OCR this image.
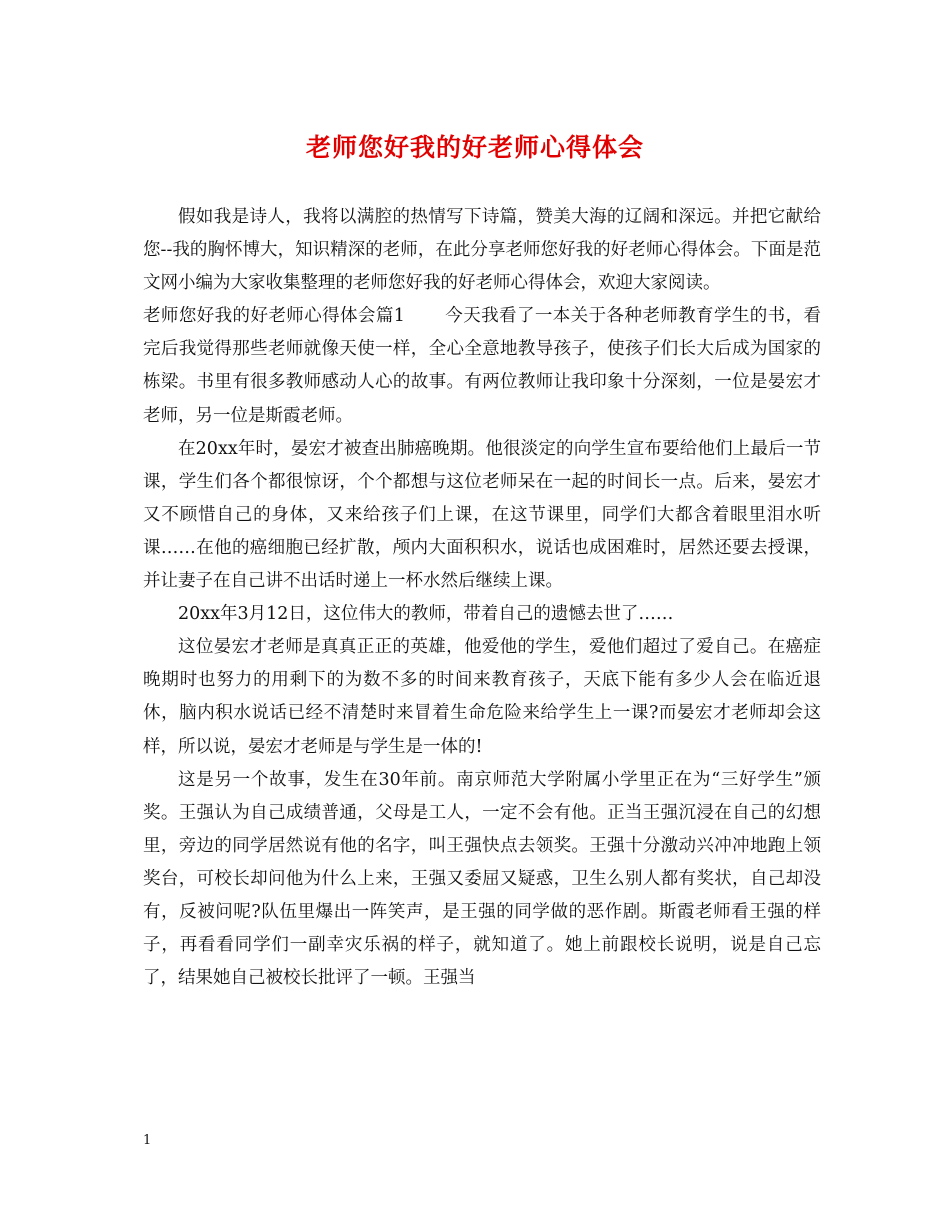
老师您好我的好老师心得体会

假如我是诗人，我将以满腔的热情写下诗篇，赞美大海的辽阔和深远。并把它献给您--我的胸怀博大，知识精深的老师，在此分享老师您好我的好老师心得体会。下面是范文网小编为大家收集整理的老师您好我的好老师心得体会，欢迎大家阅读。

老师您好我的好老师心得体会篇1 今天我看了一本关于各种老师教育学生的书，看完后我觉得那些老师就像天使一样，全心全意地教导孩子，使孩子们长大后成为国家的栋梁。书里有很多教师感动人心的故事。有两位教师让我印象十分深刻，一位是晏宏才老师，另一位是斯霞老师。

在20xx年时，晏宏才被查出肺癌晚期。他很淡定的向学生宣布要给他们上最后一节课，学生们各个都很惊讶，个个都想与这位老师呆在一起的时间长一点。后来，晏宏才又不顾惜自己的身体，又来给孩子们上课，在这节课里，同学们大都含着眼里泪水听课……在他的癌细胞已经扩散，颅内大面积积水，说话也成困难时，居然还要去授课，并让妻子在自己讲不出话时递上一杯水然后继续上课。

20xx年3月12日，这位伟大的教师，带着自己的遗憾去世了……

这位晏宏才老师是真真正正的英雄，他爱他的学生，爱他们超过了爱自己。在癌症晚期时也努力的用剩下的为数不多的时间来教育孩子，天底下能有多少人会在临近退休，脑内积水说话已经不清楚时来冒着生命危险来给学生上一课?而晏宏才老师却会这样，所以说，晏宏才老师是与学生是一体的!

这是另一个故事，发生在30年前。南京师范大学附属小学里正在为“三好学生”颁奖。王强认为自己成绩普通，父母是工人，一定不会有他。正当王强沉浸在自己的幻想里，旁边的同学居然说有他的名字，叫王强快点去领奖。王强十分激动兴冲冲地跑上领奖台，可校长却问他为什么上来，王强又委屈又疑惑，卫生么别人都有奖状，自己却没有，反被问呢?队伍里爆出一阵笑声，是王强的同学做的恶作剧。斯霞老师看王强的样子，再看看同学们一副幸灾乐祸的样子，就知道了。她上前跟校长说明，说是自己忘了，结果她自己被校长批评了一顿。王强当

1
